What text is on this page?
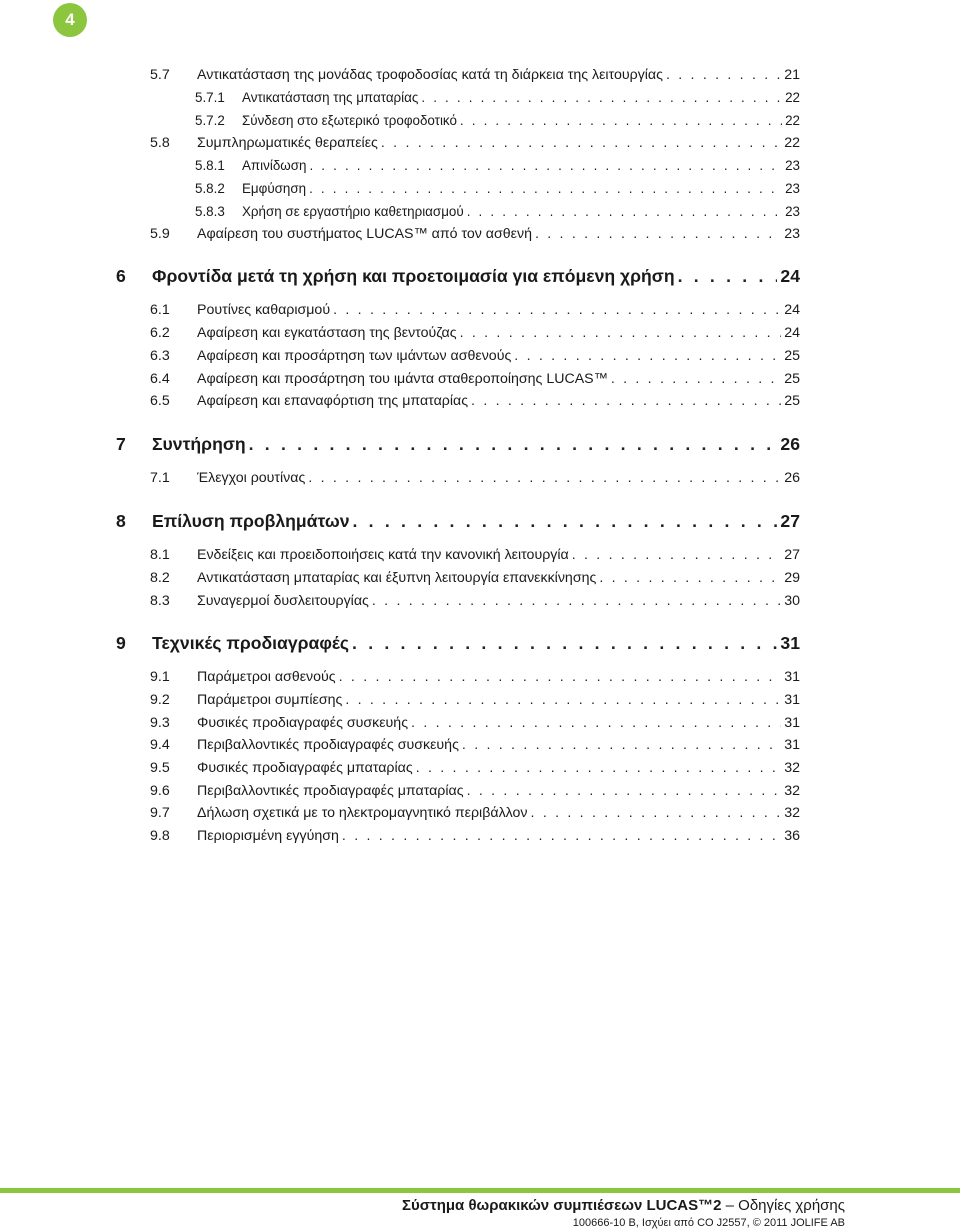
4
5.7	Αντικατάσταση της μονάδας τροφοδοσίας κατά τη διάρκεια της λειτουργίας . . .	21
5.7.1	Αντικατάσταση της μπαταρίας . . .	22
5.7.2	Σύνδεση στο εξωτερικό τροφοδοτικό . . .	22
5.8	Συμπληρωματικές θεραπείες . . .	22
5.8.1	Απινίδωση . . .	23
5.8.2	Εμφύσηση . . .	23
5.8.3	Χρήση σε εργαστήριο καθετηριασμού . . .	23
5.9	Αφαίρεση του συστήματος LUCAS™ από τον ασθενή . . .	23
6	Φροντίδα μετά τη χρήση και προετοιμασία για επόμενη χρήση . . .	24
6.1	Ρουτίνες καθαρισμού . . .	24
6.2	Αφαίρεση και εγκατάσταση της βεντούζας . . .	24
6.3	Αφαίρεση και προσάρτηση των ιμάντων ασθενούς . . .	25
6.4	Αφαίρεση και προσάρτηση του ιμάντα σταθεροποίησης LUCAS™ . . .	25
6.5	Αφαίρεση και επαναφόρτιση της μπαταρίας . . .	25
7	Συντήρηση . . .	26
7.1	Έλεγχοι ρουτίνας . . .	26
8	Επίλυση προβλημάτων . . .	27
8.1	Ενδείξεις και προειδοποιήσεις κατά την κανονική λειτουργία . . .	27
8.2	Αντικατάσταση μπαταρίας και έξυπνη λειτουργία επανεκκίνησης . . .	29
8.3	Συναγερμοί δυσλειτουργίας . . .	30
9	Τεχνικές προδιαγραφές . . .	31
9.1	Παράμετροι ασθενούς . . .	31
9.2	Παράμετροι συμπίεσης . . .	31
9.3	Φυσικές προδιαγραφές συσκευής . . .	31
9.4	Περιβαλλοντικές προδιαγραφές συσκευής . . .	31
9.5	Φυσικές προδιαγραφές μπαταρίας . . .	32
9.6	Περιβαλλοντικές προδιαγραφές μπαταρίας . . .	32
9.7	Δήλωση σχετικά με το ηλεκτρομαγνητικό περιβάλλον . . .	32
9.8	Περιορισμένη εγγύηση . . .	36
Σύστημα θωρακικών συμπιέσεων LUCAS™2 – Οδηγίες χρήσης
100666-10 B, Ισχύει από CO J2557, © 2011 JOLIFE AB
